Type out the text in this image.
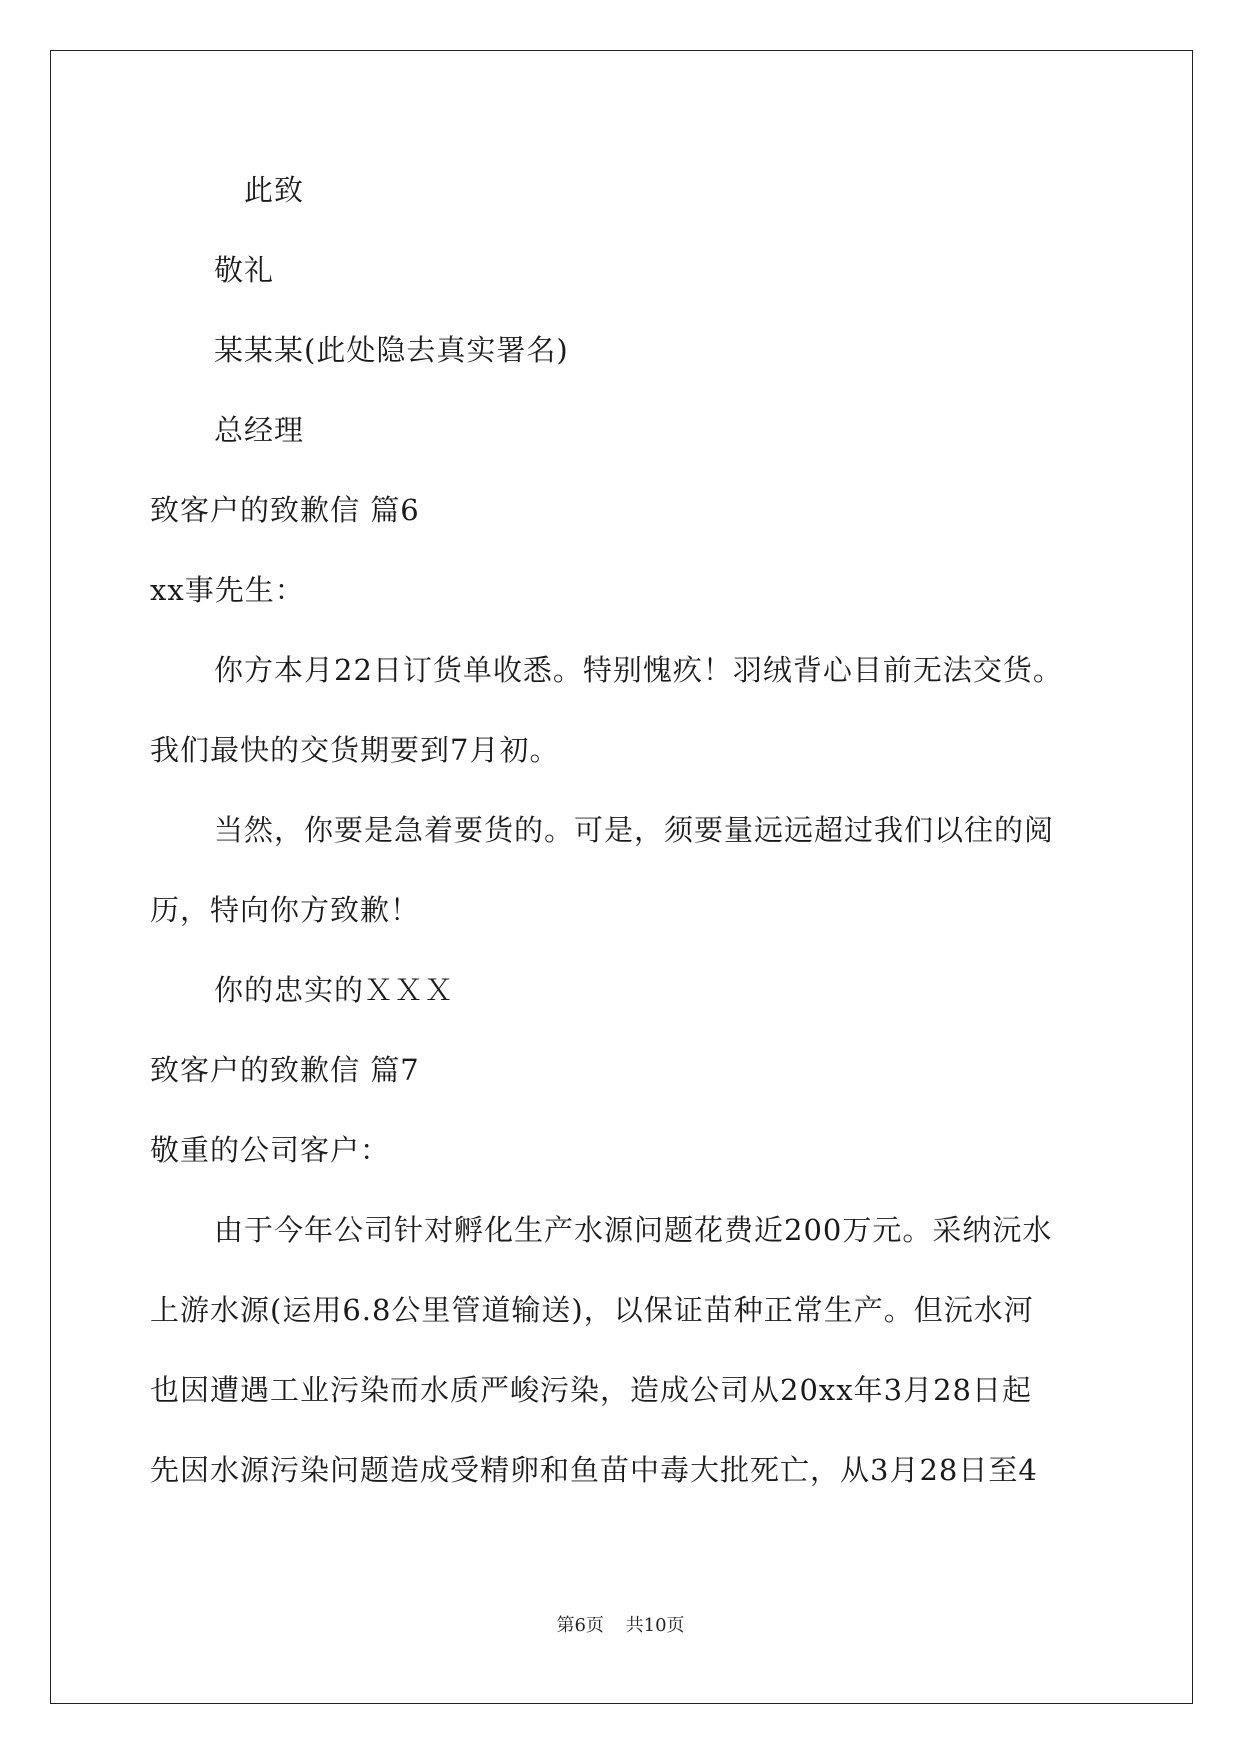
此致
敬礼
某某某(此处隐去真实署名)
总经理
致客户的致歉信 篇6
xx事先生：
你方本月22日订货单收悉。特别愧疚！羽绒背心目前无法交货。
我们最快的交货期要到7月初。
当然，你要是急着要货的。可是，须要量远远超过我们以往的阅
历，特向你方致歉！
你的忠实的ＸＸＸ
致客户的致歉信 篇7
敬重的公司客户：
由于今年公司针对孵化生产水源问题花费近200万元。采纳沅水
上游水源(运用6.8公里管道输送)，以保证苗种正常生产。但沅水河
也因遭遇工业污染而水质严峻污染，造成公司从20xx年3月28日起
先因水源污染问题造成受精卵和鱼苗中毒大批死亡，从3月28日至4
第6页 共10页
